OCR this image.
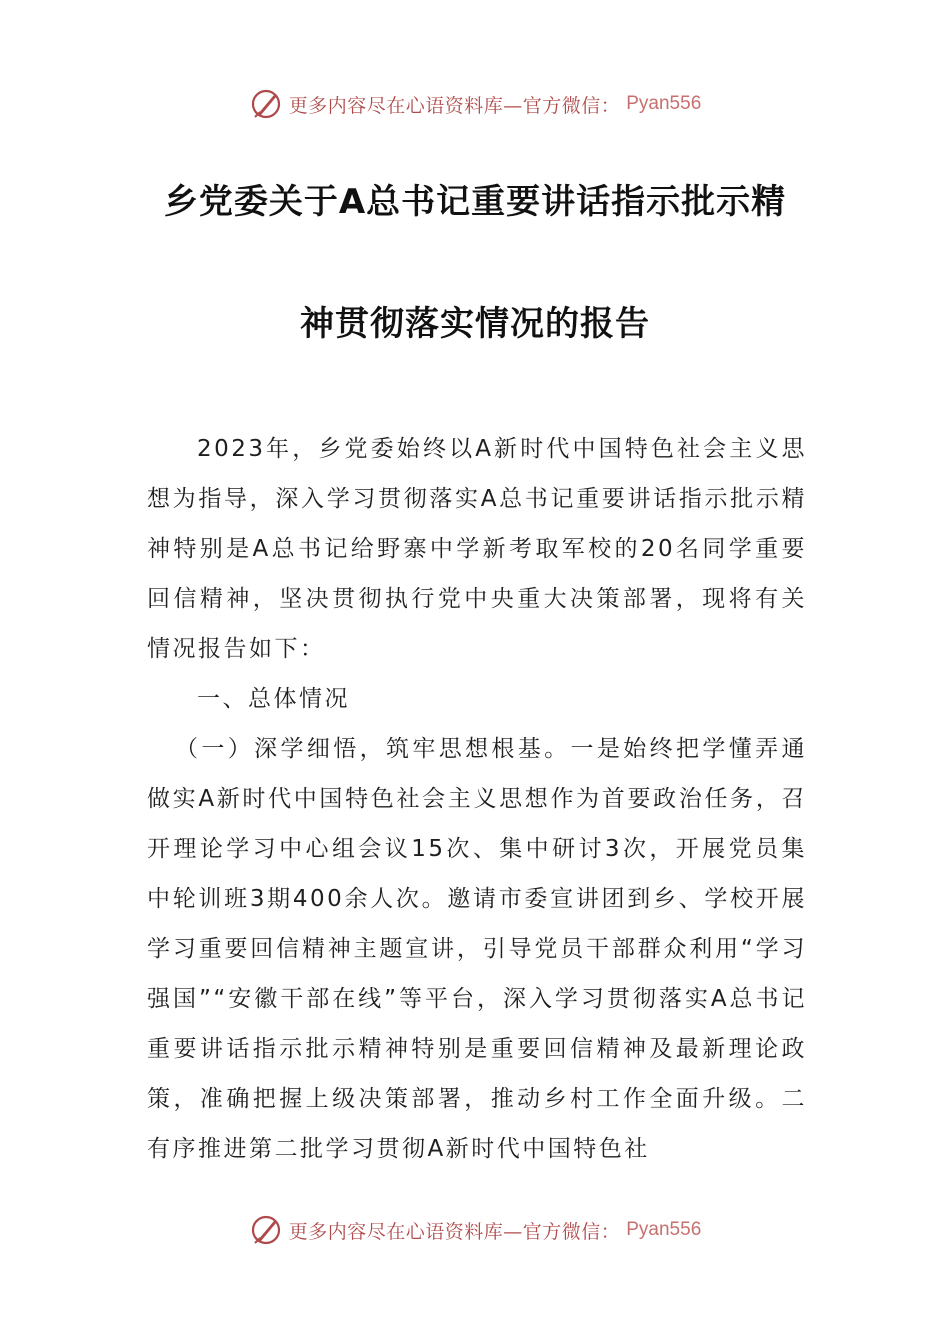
更多内容尽在心语资料库—官方微信： Pyan556
乡党委关于A总书记重要讲话指示批示精
神贯彻落实情况的报告

2023年，乡党委始终以A新时代中国特色社会主义思想为指导，深入学习贯彻落实A总书记重要讲话指示批示精神特别是A总书记给野寨中学新考取军校的20名同学重要回信精神，坚决贯彻执行党中央重大决策部署，现将有关情况报告如下：

一、总体情况

（一）深学细悟，筑牢思想根基。一是始终把学懂弄通做实A新时代中国特色社会主义思想作为首要政治任务，召开理论学习中心组会议15次、集中研讨3次，开展党员集中轮训班3期400余人次。邀请市委宣讲团到乡、学校开展学习重要回信精神主题宣讲，引导党员干部群众利用“学习强国”“安徽干部在线”等平台，深入学习贯彻落实A总书记重要讲话指示批示精神特别是重要回信精神及最新理论政策，准确把握上级决策部署，推动乡村工作全面升级。二有序推进第二批学习贯彻A新时代中国特色社

更多内容尽在心语资料库—官方微信： Pyan556
